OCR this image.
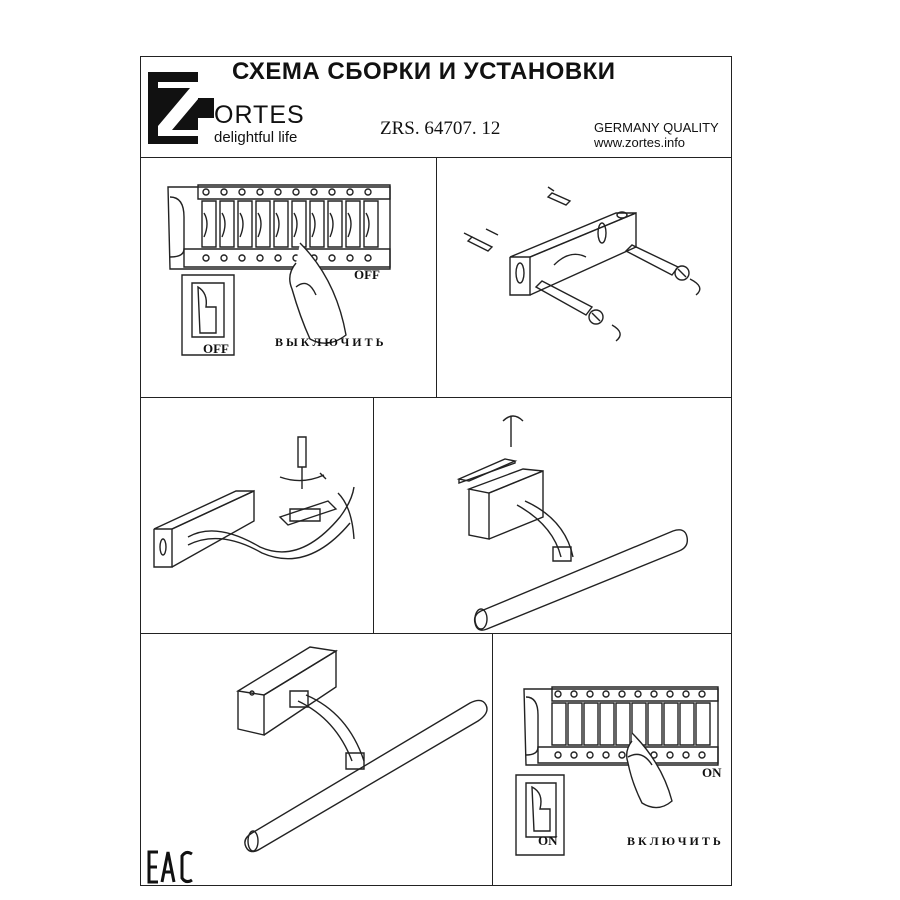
ORTES
delightful life
СХЕМА СБОРКИ И УСТАНОВКИ
ZRS. 64707. 12	GERMANY QUALITY
www.zortes.info
OFF
OFF	ВЫКЛЮЧИТЬ
ON
ON	ВКЛЮЧИТЬ
